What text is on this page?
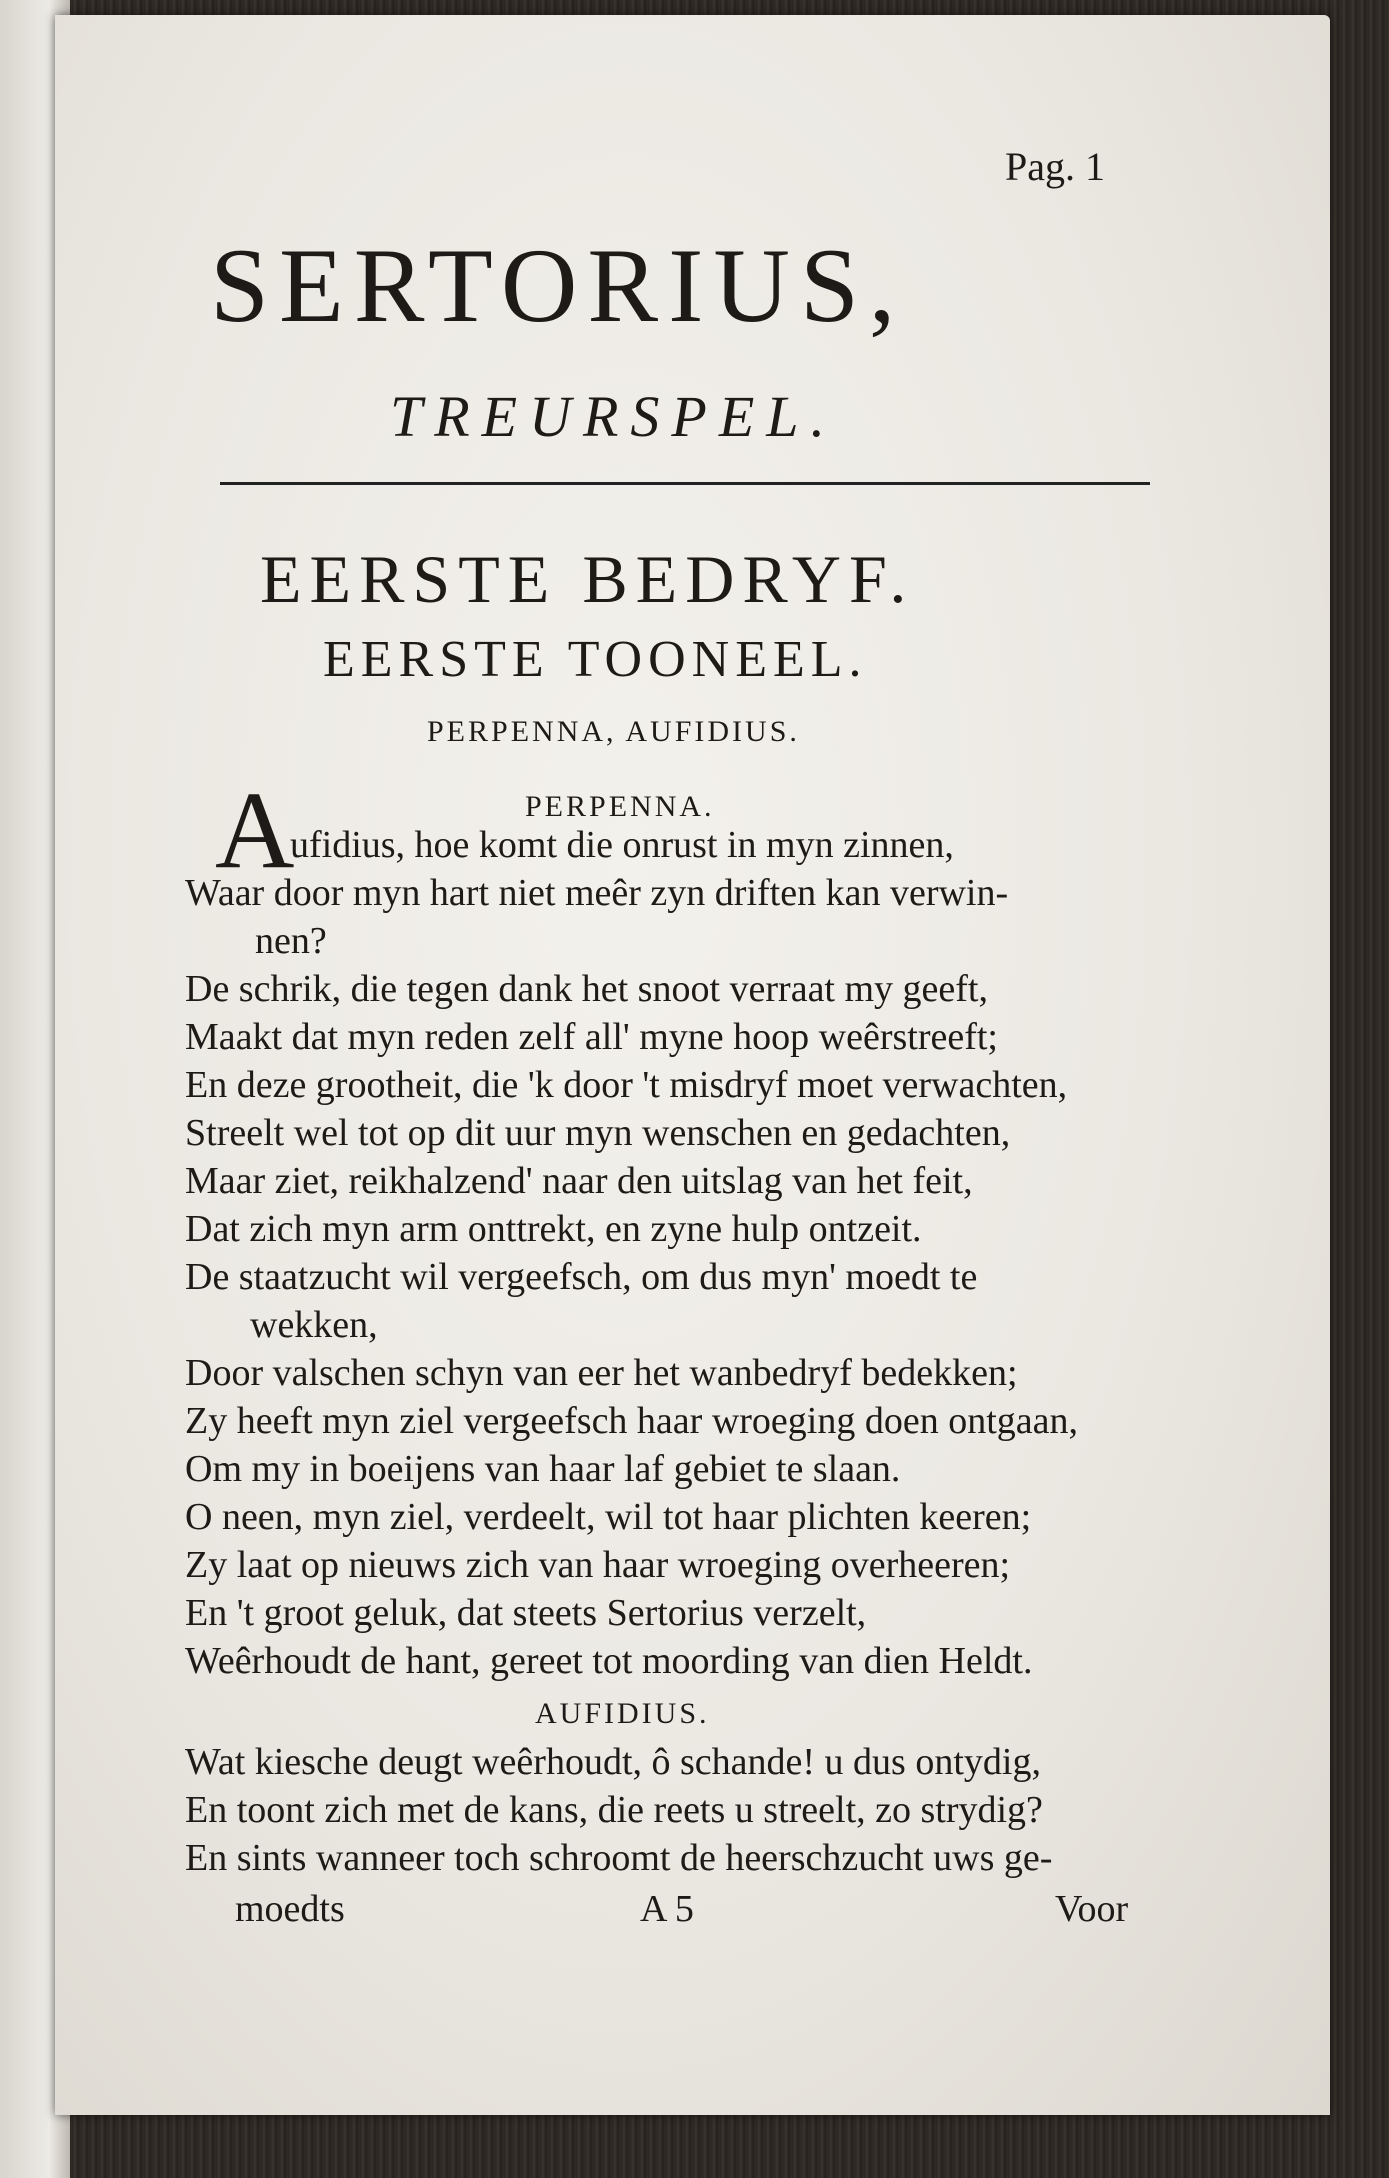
Pag. 1
SERTORIUS,
TREURSPEL.
EERSTE BEDRYF.
EERSTE TOONEEL.
PERPENNA, AUFIDIUS.
PERPENNA.
A
ufidius, hoe komt die onrust in myn zinnen,
Waar door myn hart niet meêr zyn driften kan verwin-
nen?
De schrik, die tegen dank het snoot verraat my geeft,
Maakt dat myn reden zelf all' myne hoop weêrstreeft;
En deze grootheit, die 'k door 't misdryf moet verwachten,
Streelt wel tot op dit uur myn wenschen en gedachten,
Maar ziet, reikhalzend' naar den uitslag van het feit,
Dat zich myn arm onttrekt, en zyne hulp ontzeit.
De staatzucht wil vergeefsch, om dus myn' moedt te
wekken,
Door valschen schyn van eer het wanbedryf bedekken;
Zy heeft myn ziel vergeefsch haar wroeging doen ontgaan,
Om my in boeijens van haar laf gebiet te slaan.
O neen, myn ziel, verdeelt, wil tot haar plichten keeren;
Zy laat op nieuws zich van haar wroeging overheeren;
En 't groot geluk, dat steets Sertorius verzelt,
Weêrhoudt de hant, gereet tot moording van dien Heldt.
AUFIDIUS.
Wat kiesche deugt weêrhoudt, ô schande! u dus ontydig,
En toont zich met de kans, die reets u streelt, zo strydig?
En sints wanneer toch schroomt de heerschzucht uws ge-
moedts	A 5	Voor
